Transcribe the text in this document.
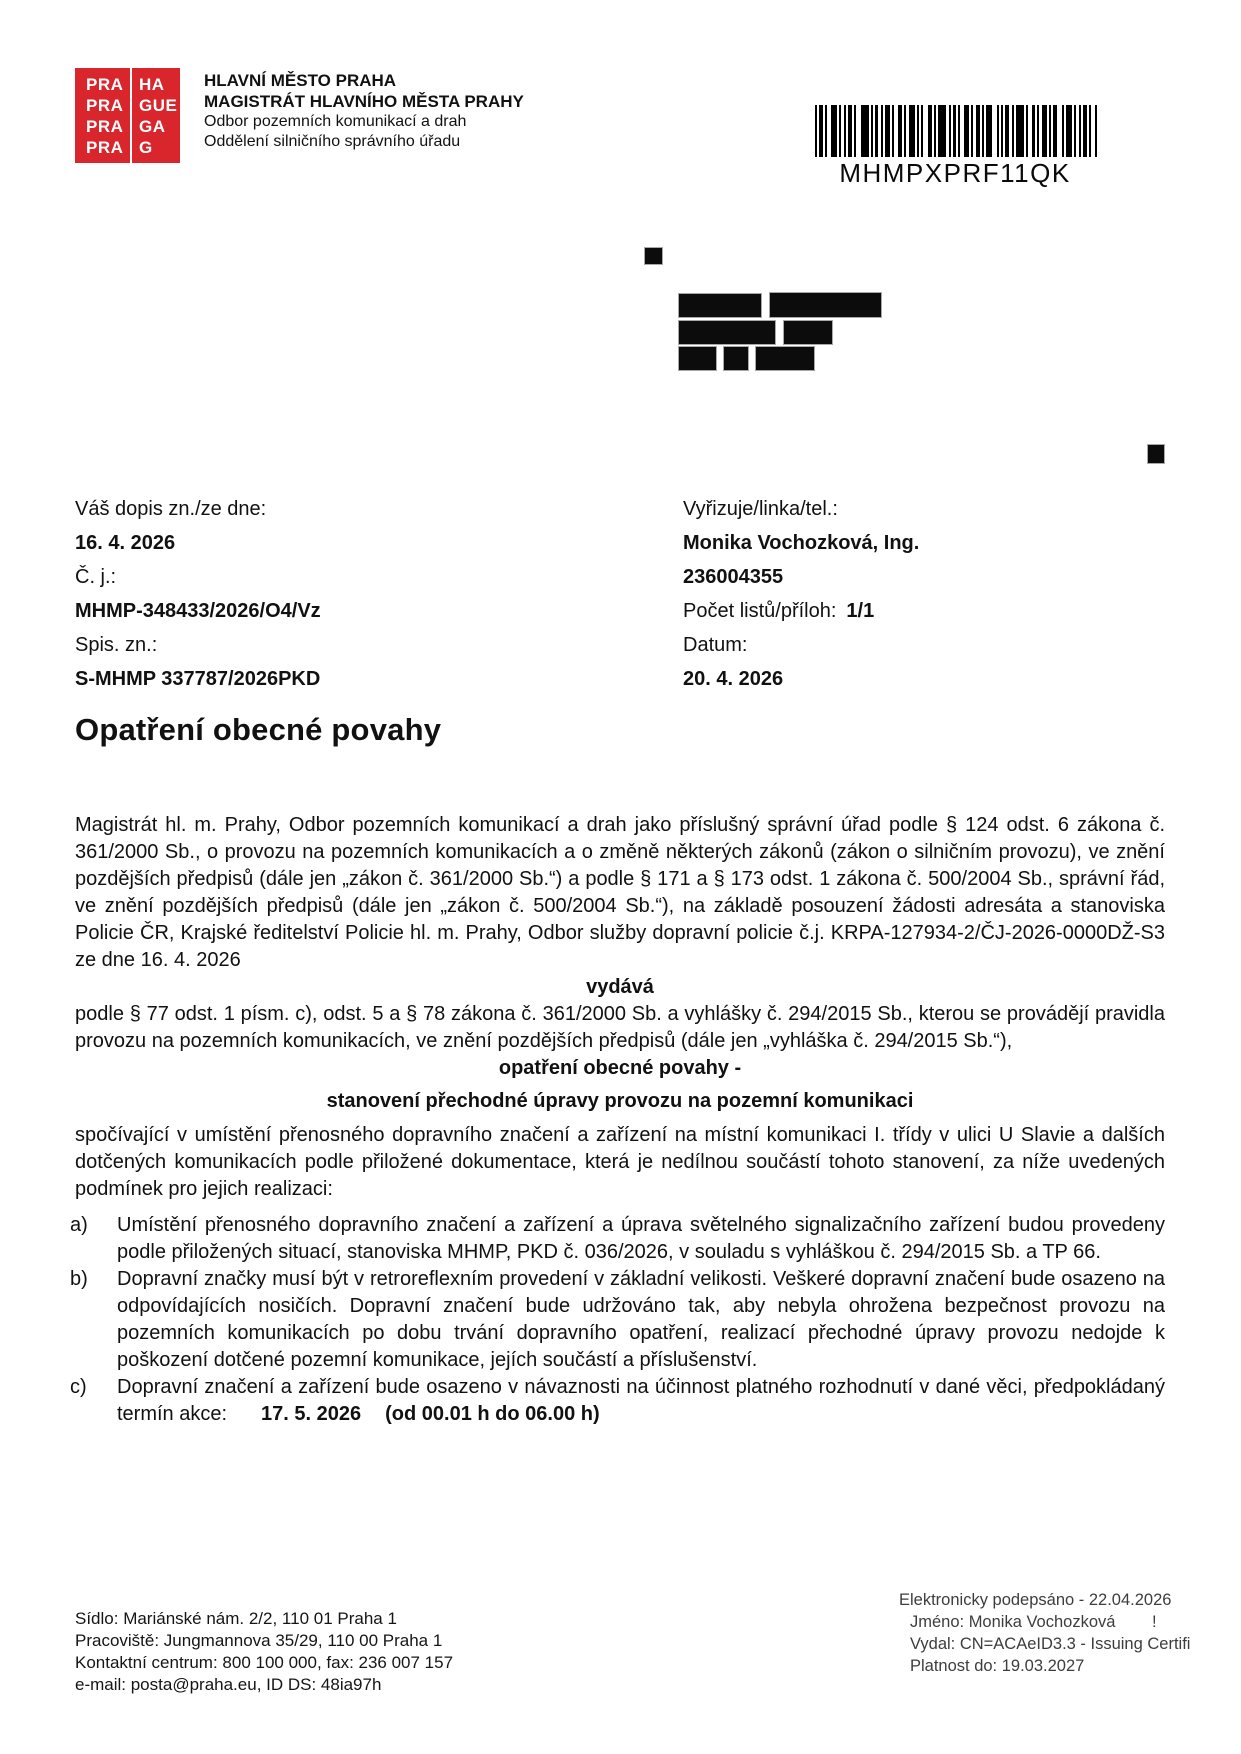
PRA HA
PRA GUE
PRA GA
PRA G
HLAVNÍ MĚSTO PRAHA
MAGISTRÁT HLAVNÍHO MĚSTA PRAHY
Odbor pozemních komunikací a drah
Oddělení silničního správního úřadu
MHMPXPRF11QK
Váš dopis zn./ze dne:
16. 4. 2026
Č. j.:
MHMP-348433/2026/O4/Vz
Spis. zn.:
S-MHMP 337787/2026PKD
Vyřizuje/linka/tel.:
Monika Vochozková, Ing.
236004355
Počet listů/příloh: 1/1
Datum:
20. 4. 2026
Opatření obecné povahy

Magistrát hl. m. Prahy, Odbor pozemních komunikací a drah jako příslušný správní úřad podle § 124 odst. 6 zákona č. 361/2000 Sb., o provozu na pozemních komunikacích a o změně některých zákonů (zákon o silničním provozu), ve znění pozdějších předpisů (dále jen „zákon č. 361/2000 Sb.“) a podle § 171 a § 173 odst. 1 zákona č. 500/2004 Sb., správní řád, ve znění pozdějších předpisů (dále jen „zákon č. 500/2004 Sb.“), na základě posouzení žádosti adresáta a stanoviska Policie ČR, Krajské ředitelství Policie hl. m. Prahy, Odbor služby dopravní policie č.j. KRPA-127934-2/ČJ-2026-0000DŽ-S3 ze dne 16. 4. 2026

vydává

podle § 77 odst. 1 písm. c), odst. 5 a § 78 zákona č. 361/2000 Sb. a vyhlášky č. 294/2015 Sb., kterou se provádějí pravidla provozu na pozemních komunikacích, ve znění pozdějších předpisů (dále jen „vyhláška č. 294/2015 Sb.“),

opatření obecné povahy -

stanovení přechodné úpravy provozu na pozemní komunikaci

spočívající v umístění přenosného dopravního značení a zařízení na místní komunikaci I. třídy v ulici U Slavie a dalších dotčených komunikacích podle přiložené dokumentace, která je nedílnou součástí tohoto stanovení, za níže uvedených podmínek pro jejich realizaci:

a) Umístění přenosného dopravního značení a zařízení a úprava světelného signalizačního zařízení budou provedeny podle přiložených situací, stanoviska MHMP, PKD č. 036/2026, v souladu s vyhláškou č. 294/2015 Sb. a TP 66.
b) Dopravní značky musí být v retroreflexním provedení v základní velikosti. Veškeré dopravní značení bude osazeno na odpovídajících nosičích. Dopravní značení bude udržováno tak, aby nebyla ohrožena bezpečnost provozu na pozemních komunikacích po dobu trvání dopravního opatření, realizací přechodné úpravy provozu nedojde k poškození dotčené pozemní komunikace, jejích součástí a příslušenství.
c) Dopravní značení a zařízení bude osazeno v návaznosti na účinnost platného rozhodnutí v dané věci, předpokládaný termín akce: 17. 5. 2026 (od 00.01 h do 06.00 h)
Sídlo: Mariánské nám. 2/2, 110 01 Praha 1
Pracoviště: Jungmannova 35/29, 110 00 Praha 1
Kontaktní centrum: 800 100 000, fax: 236 007 157
e-mail: posta@praha.eu, ID DS: 48ia97h
Elektronicky podepsáno - 22.04.2026
Jméno: Monika Vochozková
Vydal: CN=ACAeID3.3 - Issuing Certifi
Platnost do: 19.03.2027
!
